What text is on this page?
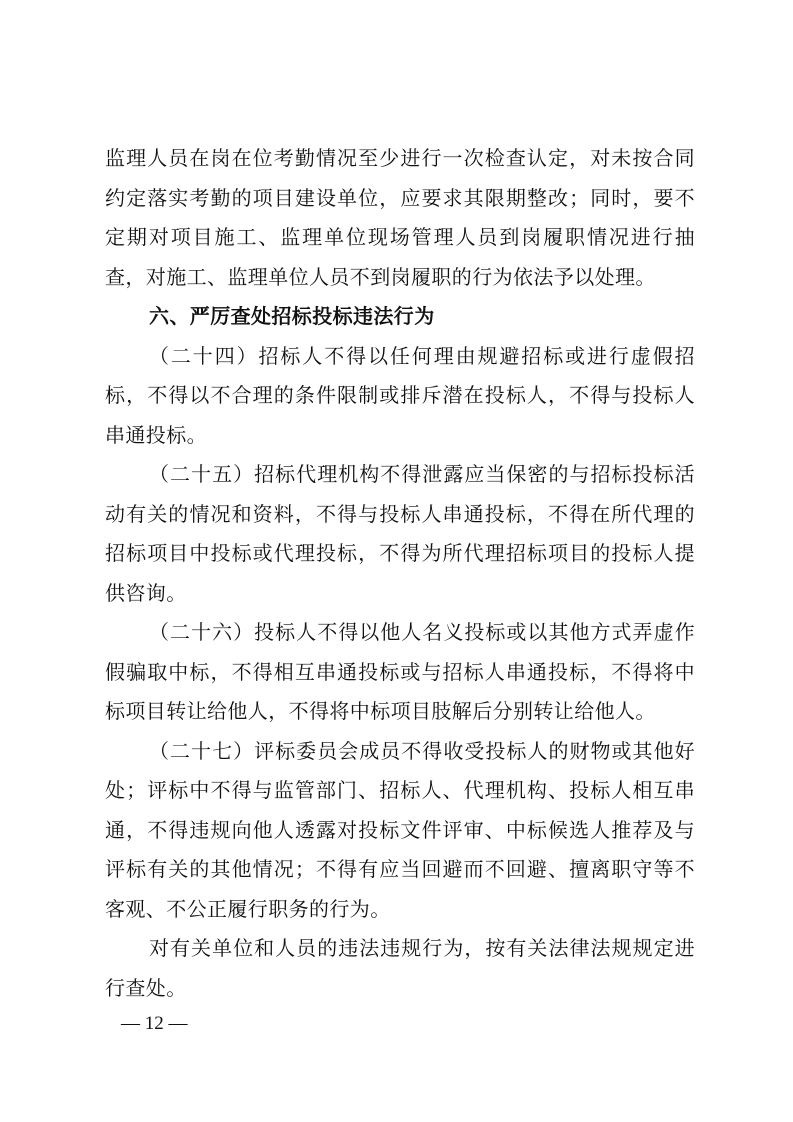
监理人员在岗在位考勤情况至少进行一次检查认定，对未按合同约定落实考勤的项目建设单位，应要求其限期整改；同时，要不定期对项目施工、监理单位现场管理人员到岗履职情况进行抽查，对施工、监理单位人员不到岗履职的行为依法予以处理。

六、严厉查处招标投标违法行为

（二十四）招标人不得以任何理由规避招标或进行虚假招标，不得以不合理的条件限制或排斥潜在投标人，不得与投标人串通投标。

（二十五）招标代理机构不得泄露应当保密的与招标投标活动有关的情况和资料，不得与投标人串通投标，不得在所代理的招标项目中投标或代理投标，不得为所代理招标项目的投标人提供咨询。

（二十六）投标人不得以他人名义投标或以其他方式弄虚作假骗取中标，不得相互串通投标或与招标人串通投标，不得将中标项目转让给他人，不得将中标项目肢解后分别转让给他人。

（二十七）评标委员会成员不得收受投标人的财物或其他好处；评标中不得与监管部门、招标人、代理机构、投标人相互串通，不得违规向他人透露对投标文件评审、中标候选人推荐及与评标有关的其他情况；不得有应当回避而不回避、擅离职守等不客观、不公正履行职务的行为。

对有关单位和人员的违法违规行为，按有关法律法规规定进行查处。

— 12 —
